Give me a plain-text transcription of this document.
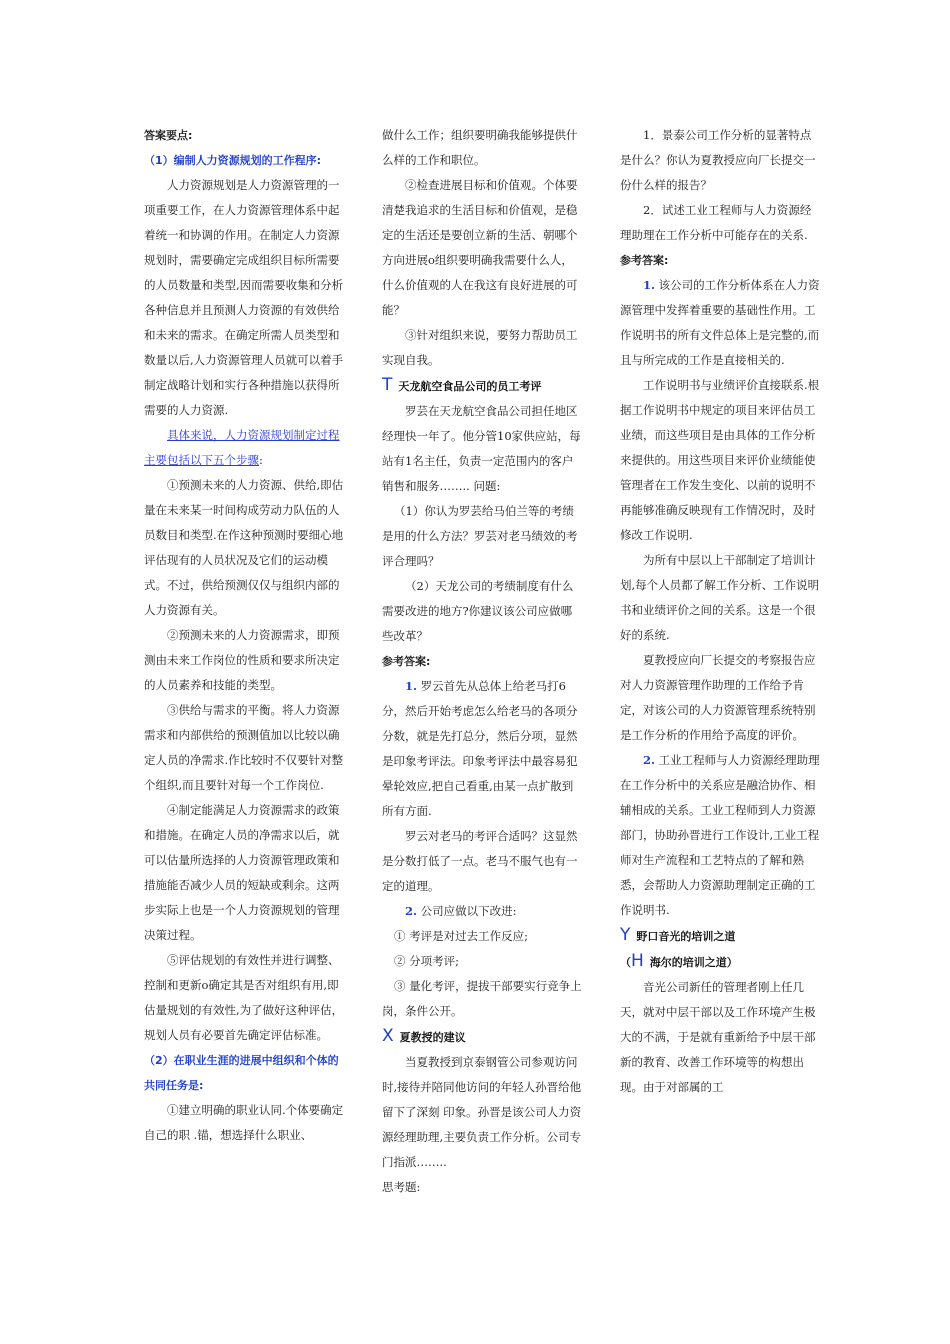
答案要点:

（1）编制人力资源规划的工作程序:

人力资源规划是人力资源管理的一项重要工作，在人力资源管理体系中起着统一和协调的作用。在制定人力资源规划时，需要确定完成组织目标所需要的人员数量和类型,因而需要收集和分析各种信息并且预测人力资源的有效供给和未来的需求。在确定所需人员类型和数量以后,人力资源管理人员就可以着手制定战略计划和实行各种措施以获得所需要的人力资源.

具体来说，人力资源规划制定过程主要包括以下五个步骤:

①预测未来的人力资源、供给,即估量在未来某一时间构成劳动力队伍的人员数目和类型.在作这种预测时要细心地评估现有的人员状况及它们的运动模式。不过，供给预测仅仅与组织内部的人力资源有关。

②预测未来的人力资源需求，即预测由未来工作岗位的性质和要求所决定的人员素养和技能的类型。

③供给与需求的平衡。将人力资源需求和内部供给的预测值加以比较以确定人员的净需求.作比较时不仅要针对整个组织,而且要针对每一个工作岗位.

④制定能满足人力资源需求的政策和措施。在确定人员的净需求以后，就可以估量所选择的人力资源管理政策和措施能否减少人员的短缺或剩余。这两步实际上也是一个人力资源规划的管理决策过程。

⑤评估规划的有效性并进行调整、控制和更新o确定其是否对组织有用,即估量规划的有效性,为了做好这种评估，规划人员有必要首先确定评估标准。

（2）在职业生涯的进展中组织和个体的共同任务是:

①建立明确的职业认同.个体要确定自己的职 .锚，想选择什么职业、

做什么工作；组织要明确我能够提供什么样的工作和职位。

②检查进展目标和价值观。个体要清楚我追求的生活目标和价值观，是稳定的生活还是要创立新的生活、朝哪个方向进展o组织要明确我需要什么人，什么价值观的人在我这有良好进展的可能？

③针对组织来说，要努力帮助员工实现自我。

T天龙航空食品公司的员工考评

罗芸在天龙航空食品公司担任地区经理快一年了。他分管10家供应站，每站有1名主任，负责一定范围内的客户销售和服务…….. 问题:

（1）你认为罗芸给马伯兰等的考绩是用的什么方法？罗芸对老马绩效的考评合理吗？

（2）天龙公司的考绩制度有什么需要改进的地方?你建议该公司应做哪些改革？

参考答案:

1. 罗云首先从总体上给老马打6分，然后开始考虑怎么给老马的各项分分数，就是先打总分，然后分项，显然是印象考评法。印象考评法中最容易犯晕轮效应,把自己看重,由某一点扩散到所有方面.

罗云对老马的考评合适吗？这显然是分数打低了一点。老马不服气也有一定的道理。

2. 公司应做以下改进:

① 考评是对过去工作反应;

② 分项考评;

③ 量化考评，提拔干部要实行竞争上岗，条件公开。

X夏教授的建议

当夏教授到京泰钢管公司参观访问时,接待并陪同他访问的年轻人孙晋给他留下了深刻 印象。孙晋是该公司人力资源经理助理,主要负责工作分析。公司专门指派……..

思考题:

1．景泰公司工作分析的显著特点是什么？你认为夏教授应向厂长提交一份什么样的报告？

2．试述工业工程师与人力资源经理助理在工作分析中可能存在的关系.

参考答案:

1. 该公司的工作分析体系在人力资源管理中发挥着重要的基础性作用。工作说明书的所有文件总体上是完整的,而且与所完成的工作是直接相关的.

工作说明书与业绩评价直接联系.根据工作说明书中规定的项目来评估员工业绩，而这些项目是由具体的工作分析来提供的。用这些项目来评价业绩能使管理者在工作发生变化、以前的说明不再能够准确反映现有工作情况时，及时修改工作说明.

为所有中层以上干部制定了培训计划,每个人员都了解工作分析、工作说明书和业绩评价之间的关系。这是一个很好的系统.

夏教授应向厂长提交的考察报告应对人力资源管理作助理的工作给予肯定，对该公司的人力资源管理系统特别是工作分析的作用给予高度的评价。

2. 工业工程师与人力资源经理助理在工作分析中的关系应是融洽协作、相辅相成的关系。工业工程师到人力资源部门，协助孙晋进行工作设计,工业工程师对生产流程和工艺特点的了解和熟悉，会帮助人力资源助理制定正确的工作说明书.

Y野口音光的培训之道

（H 海尔的培训之道）

音光公司新任的管理者刚上任几天，就对中层干部以及工作环境产生极大的不满，于是就有重新给予中层干部新的教育、改善工作环境等的构想出现。由于对部属的工
